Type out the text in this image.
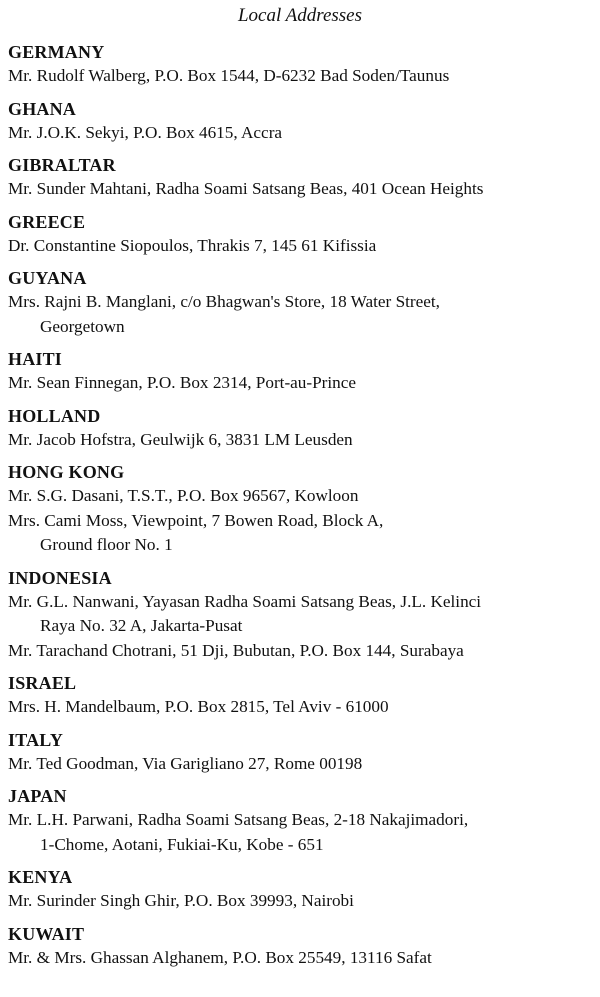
Local Addresses
GERMANY
Mr. Rudolf Walberg, P.O. Box 1544, D-6232 Bad Soden/Taunus
GHANA
Mr. J.O.K. Sekyi, P.O. Box 4615, Accra
GIBRALTAR
Mr. Sunder Mahtani, Radha Soami Satsang Beas, 401 Ocean Heights
GREECE
Dr. Constantine Siopoulos, Thrakis 7, 145 61 Kifissia
GUYANA
Mrs. Rajni B. Manglani, c/o Bhagwan's Store, 18 Water Street,
Georgetown
HAITI
Mr. Sean Finnegan, P.O. Box 2314, Port-au-Prince
HOLLAND
Mr. Jacob Hofstra, Geulwijk 6, 3831 LM Leusden
HONG KONG
Mr. S.G. Dasani, T.S.T., P.O. Box 96567, Kowloon
Mrs. Cami Moss, Viewpoint, 7 Bowen Road, Block A,
Ground floor No. 1
INDONESIA
Mr. G.L. Nanwani, Yayasan Radha Soami Satsang Beas, J.L. Kelinci
Raya No. 32 A, Jakarta-Pusat
Mr. Tarachand Chotrani, 51 Dji, Bubutan, P.O. Box 144, Surabaya
ISRAEL
Mrs. H. Mandelbaum, P.O. Box 2815, Tel Aviv - 61000
ITALY
Mr. Ted Goodman, Via Garigliano 27, Rome 00198
JAPAN
Mr. L.H. Parwani, Radha Soami Satsang Beas, 2-18 Nakajimadori,
1-Chome, Aotani, Fukiai-Ku, Kobe - 651
KENYA
Mr. Surinder Singh Ghir, P.O. Box 39993, Nairobi
KUWAIT
Mr. & Mrs. Ghassan Alghanem, P.O. Box 25549, 13116 Safat
